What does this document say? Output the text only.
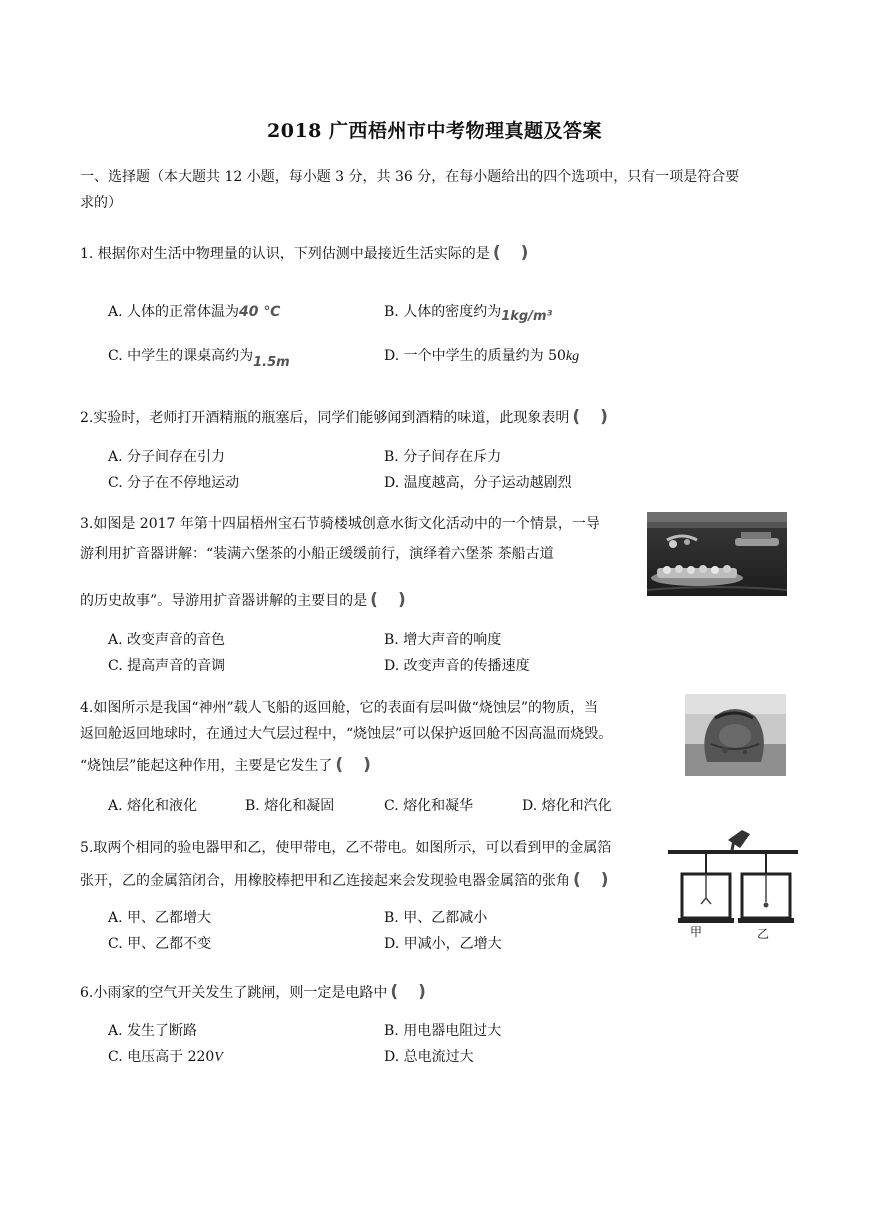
2018 广西梧州市中考物理真题及答案
一、选择题（本大题共 12 小题，每小题 3 分，共 36 分，在每小题给出的四个选项中，只有一项是符合要
求的）
1. 根据你对生活中物理量的认识，下列估测中最接近生活实际的是 ( )
A. 人体的正常体温为40 ℃	B. 人体的密度约为1kg/m³
C. 中学生的课桌高约为1.5m	D. 一个中学生的质量约为 50kg
2.实验时，老师打开酒精瓶的瓶塞后，同学们能够闻到酒精的味道，此现象表明 ( )
A. 分子间存在引力	B. 分子间存在斥力
C. 分子在不停地运动	D. 温度越高，分子运动越剧烈
3.如图是 2017 年第十四届梧州宝石节骑楼城创意水街文化活动中的一个情景，一导
游利用扩音器讲解：“装满六堡茶的小船正缓缓前行，演绎着六堡茶 茶船古道
的历史故事”。导游用扩音器讲解的主要目的是 ( )
A. 改变声音的音色	B. 增大声音的响度
C. 提高声音的音调	D. 改变声音的传播速度
4.如图所示是我国“神州”载人飞船的返回舱，它的表面有层叫做“烧蚀层”的物质，当
返回舱返回地球时，在通过大气层过程中，“烧蚀层”可以保护返回舱不因高温而烧毁。
“烧蚀层”能起这种作用，主要是它发生了 ( )
A. 熔化和液化	B. 熔化和凝固	C. 熔化和凝华	D. 熔化和汽化
5.取两个相同的验电器甲和乙，使甲带电，乙不带电。如图所示，可以看到甲的金属箔
张开，乙的金属箔闭合，用橡胶棒把甲和乙连接起来会发现验电器金属箔的张角 ( )
A. 甲、乙都增大	B. 甲、乙都减小
C. 甲、乙都不变	D. 甲减小，乙增大
甲	乙
6.小雨家的空气开关发生了跳闸，则一定是电路中 ( )
A. 发生了断路	B. 用电器电阻过大
C. 电压高于 220V	D. 总电流过大
